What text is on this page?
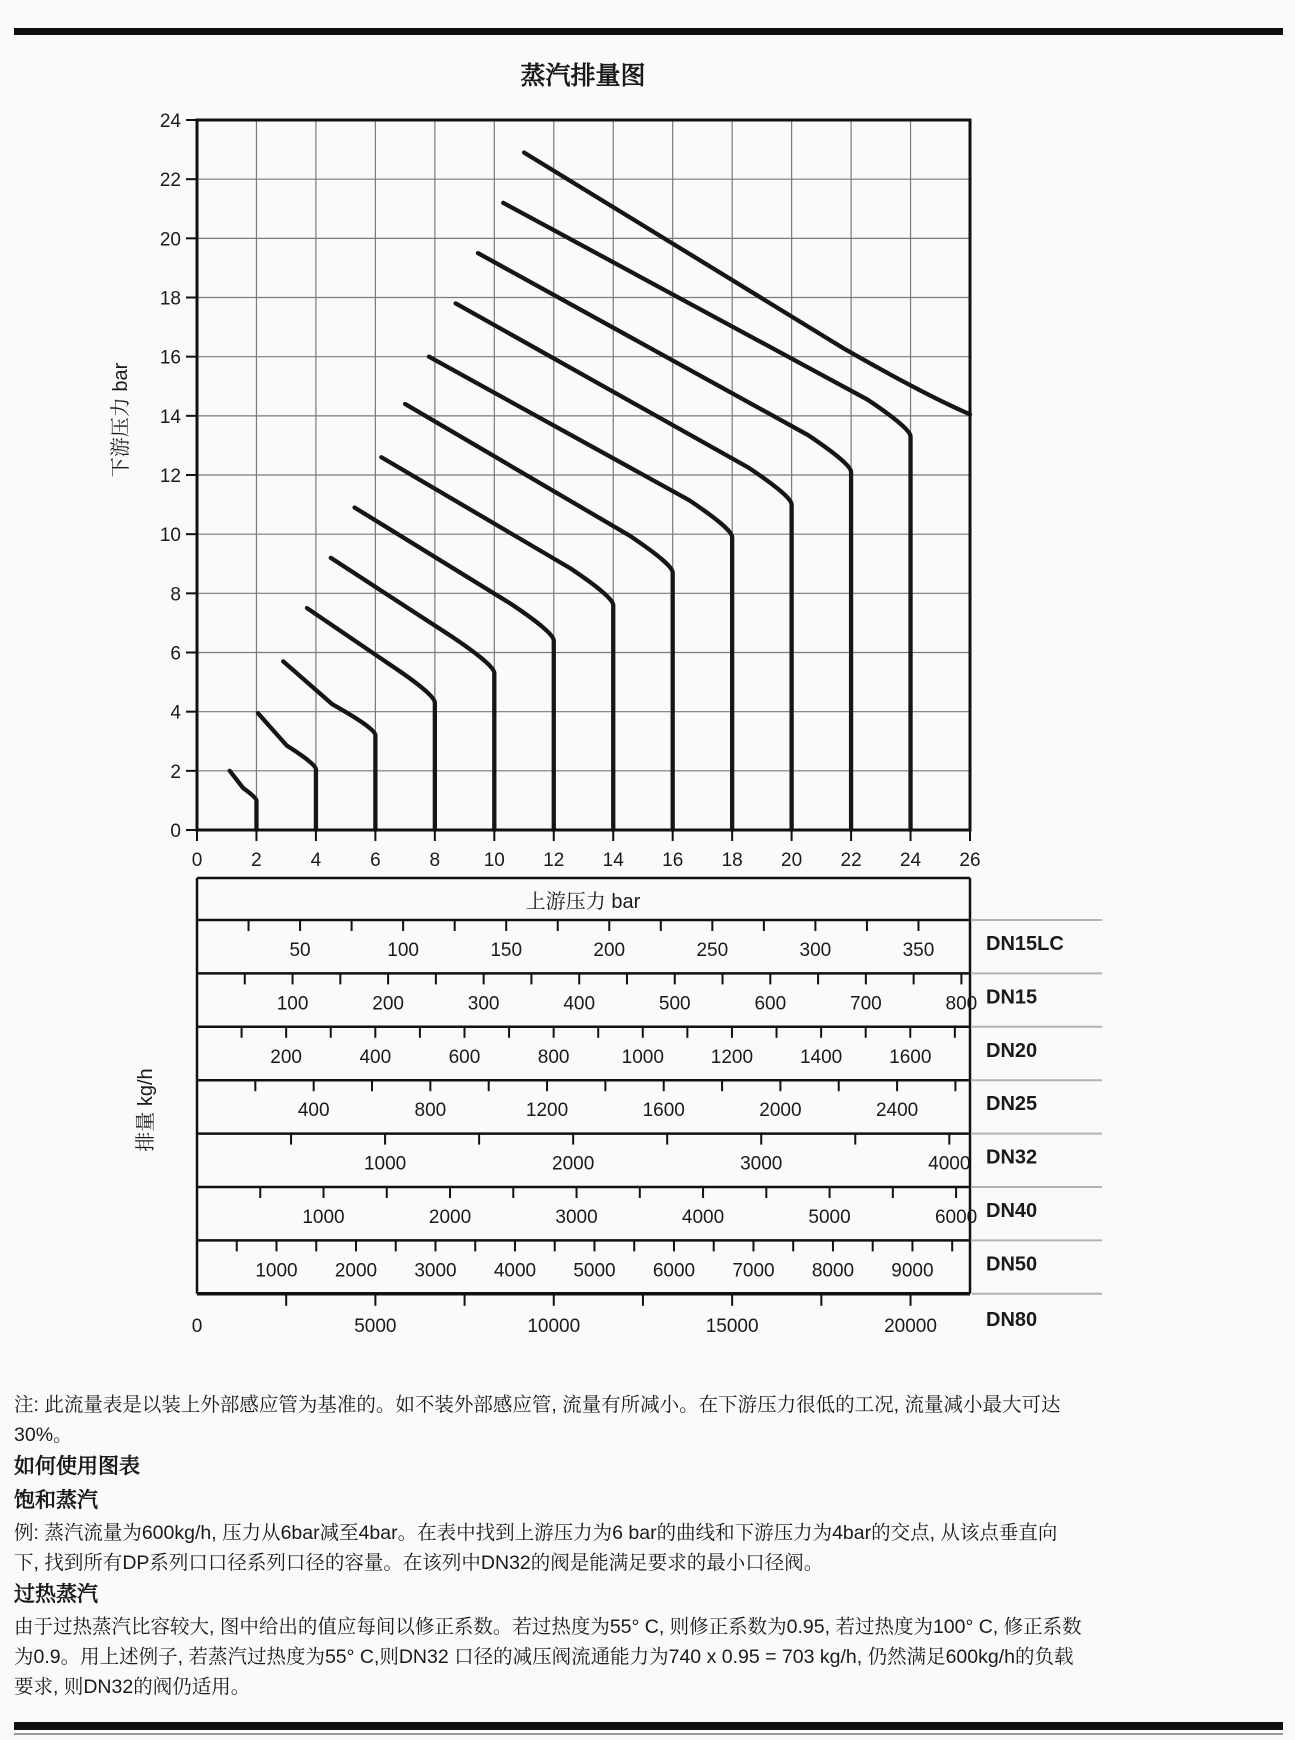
蒸汽排量图
下游压力 bar
排量 kg/h
上游压力 bar
0
2
4
6
8
10
12
14
16
18
20
22
24
0	2	4	6	8 10 12 14 16 18 20 22 24 26
50	100	150	200	250	300	350	DN15LC
100	200	300	400	500	600	700	800 DN15
200	400	600	800	1000 1200 1400 1600	DN20
400	800	1200	1600	2000	2400	DN25
1000	2000	3000	4000 DN32
1000	2000	3000	4000	5000	6000 DN40
1000 2000 3000 4000 5000 6000 7000 8000 9000	DN50
0	5000	10000	15000	20000 DN80

注: 此流量表是以装上外部感应管为基准的。如不装外部感应管, 流量有所减小。在下游压力很低的工况, 流量减小最大可达

30%。

如何使用图表

饱和蒸汽

例: 蒸汽流量为600kg/h, 压力从6bar减至4bar。在表中找到上游压力为6 bar的曲线和下游压力为4bar的交点, 从该点垂直向

下, 找到所有DP系列口口径系列口径的容量。在该列中DN32的阀是能满足要求的最小口径阀。

过热蒸汽

由于过热蒸汽比容较大, 图中给出的值应每间以修正系数。若过热度为55° C, 则修正系数为0.95, 若过热度为100° C, 修正系数

为0.9。用上述例子, 若蒸汽过热度为55° C,则DN32 口径的减压阀流通能力为740 x 0.95 = 703 kg/h, 仍然满足600kg/h的负载

要求, 则DN32的阀仍适用。
